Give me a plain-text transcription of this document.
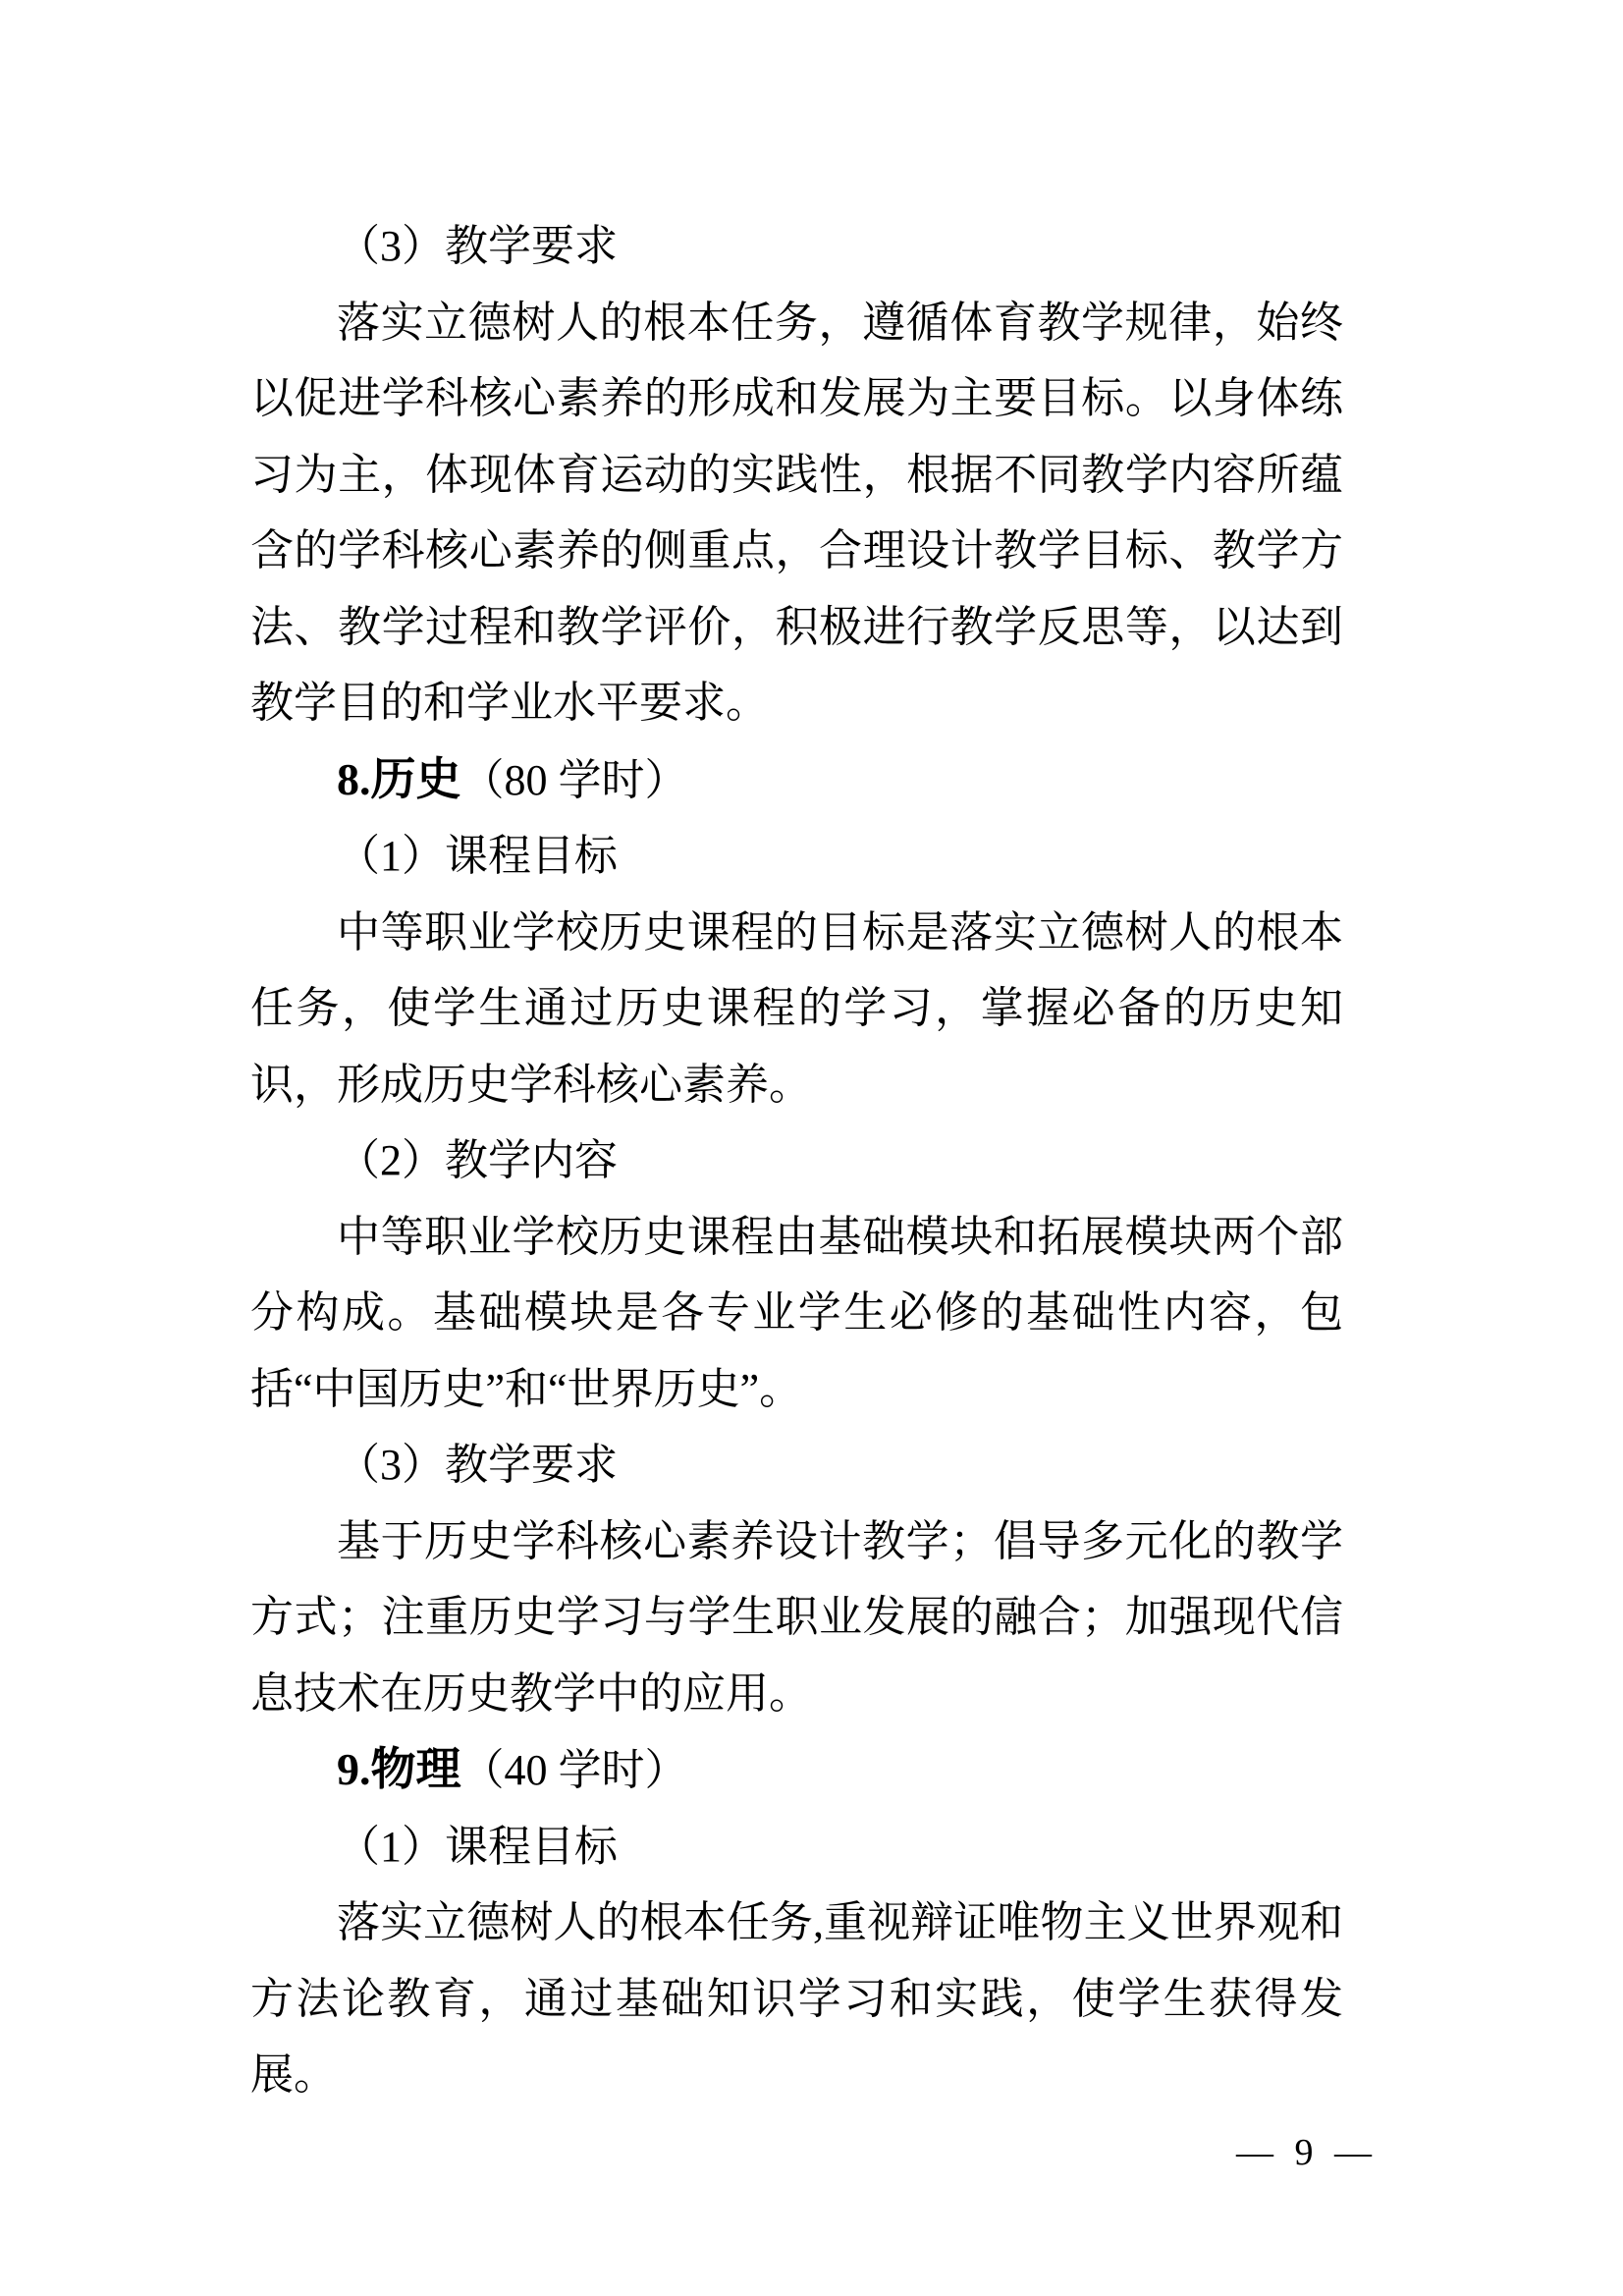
（3）教学要求
落实立德树人的根本任务，遵循体育教学规律，始终以促进学科核心素养的形成和发展为主要目标。以身体练习为主，体现体育运动的实践性，根据不同教学内容所蕴含的学科核心素养的侧重点，合理设计教学目标、教学方法、教学过程和教学评价，积极进行教学反思等，以达到教学目的和学业水平要求。
8.历史（80 学时）
（1）课程目标
中等职业学校历史课程的目标是落实立德树人的根本任务，使学生通过历史课程的学习，掌握必备的历史知识，形成历史学科核心素养。
（2）教学内容
中等职业学校历史课程由基础模块和拓展模块两个部分构成。基础模块是各专业学生必修的基础性内容，包括“中国历史”和“世界历史”。
（3）教学要求
基于历史学科核心素养设计教学；倡导多元化的教学方式；注重历史学习与学生职业发展的融合；加强现代信息技术在历史教学中的应用。
9.物理（40 学时）
（1）课程目标
落实立德树人的根本任务,重视辩证唯物主义世界观和方法论教育，通过基础知识学习和实践，使学生获得发展。
— 9 —
